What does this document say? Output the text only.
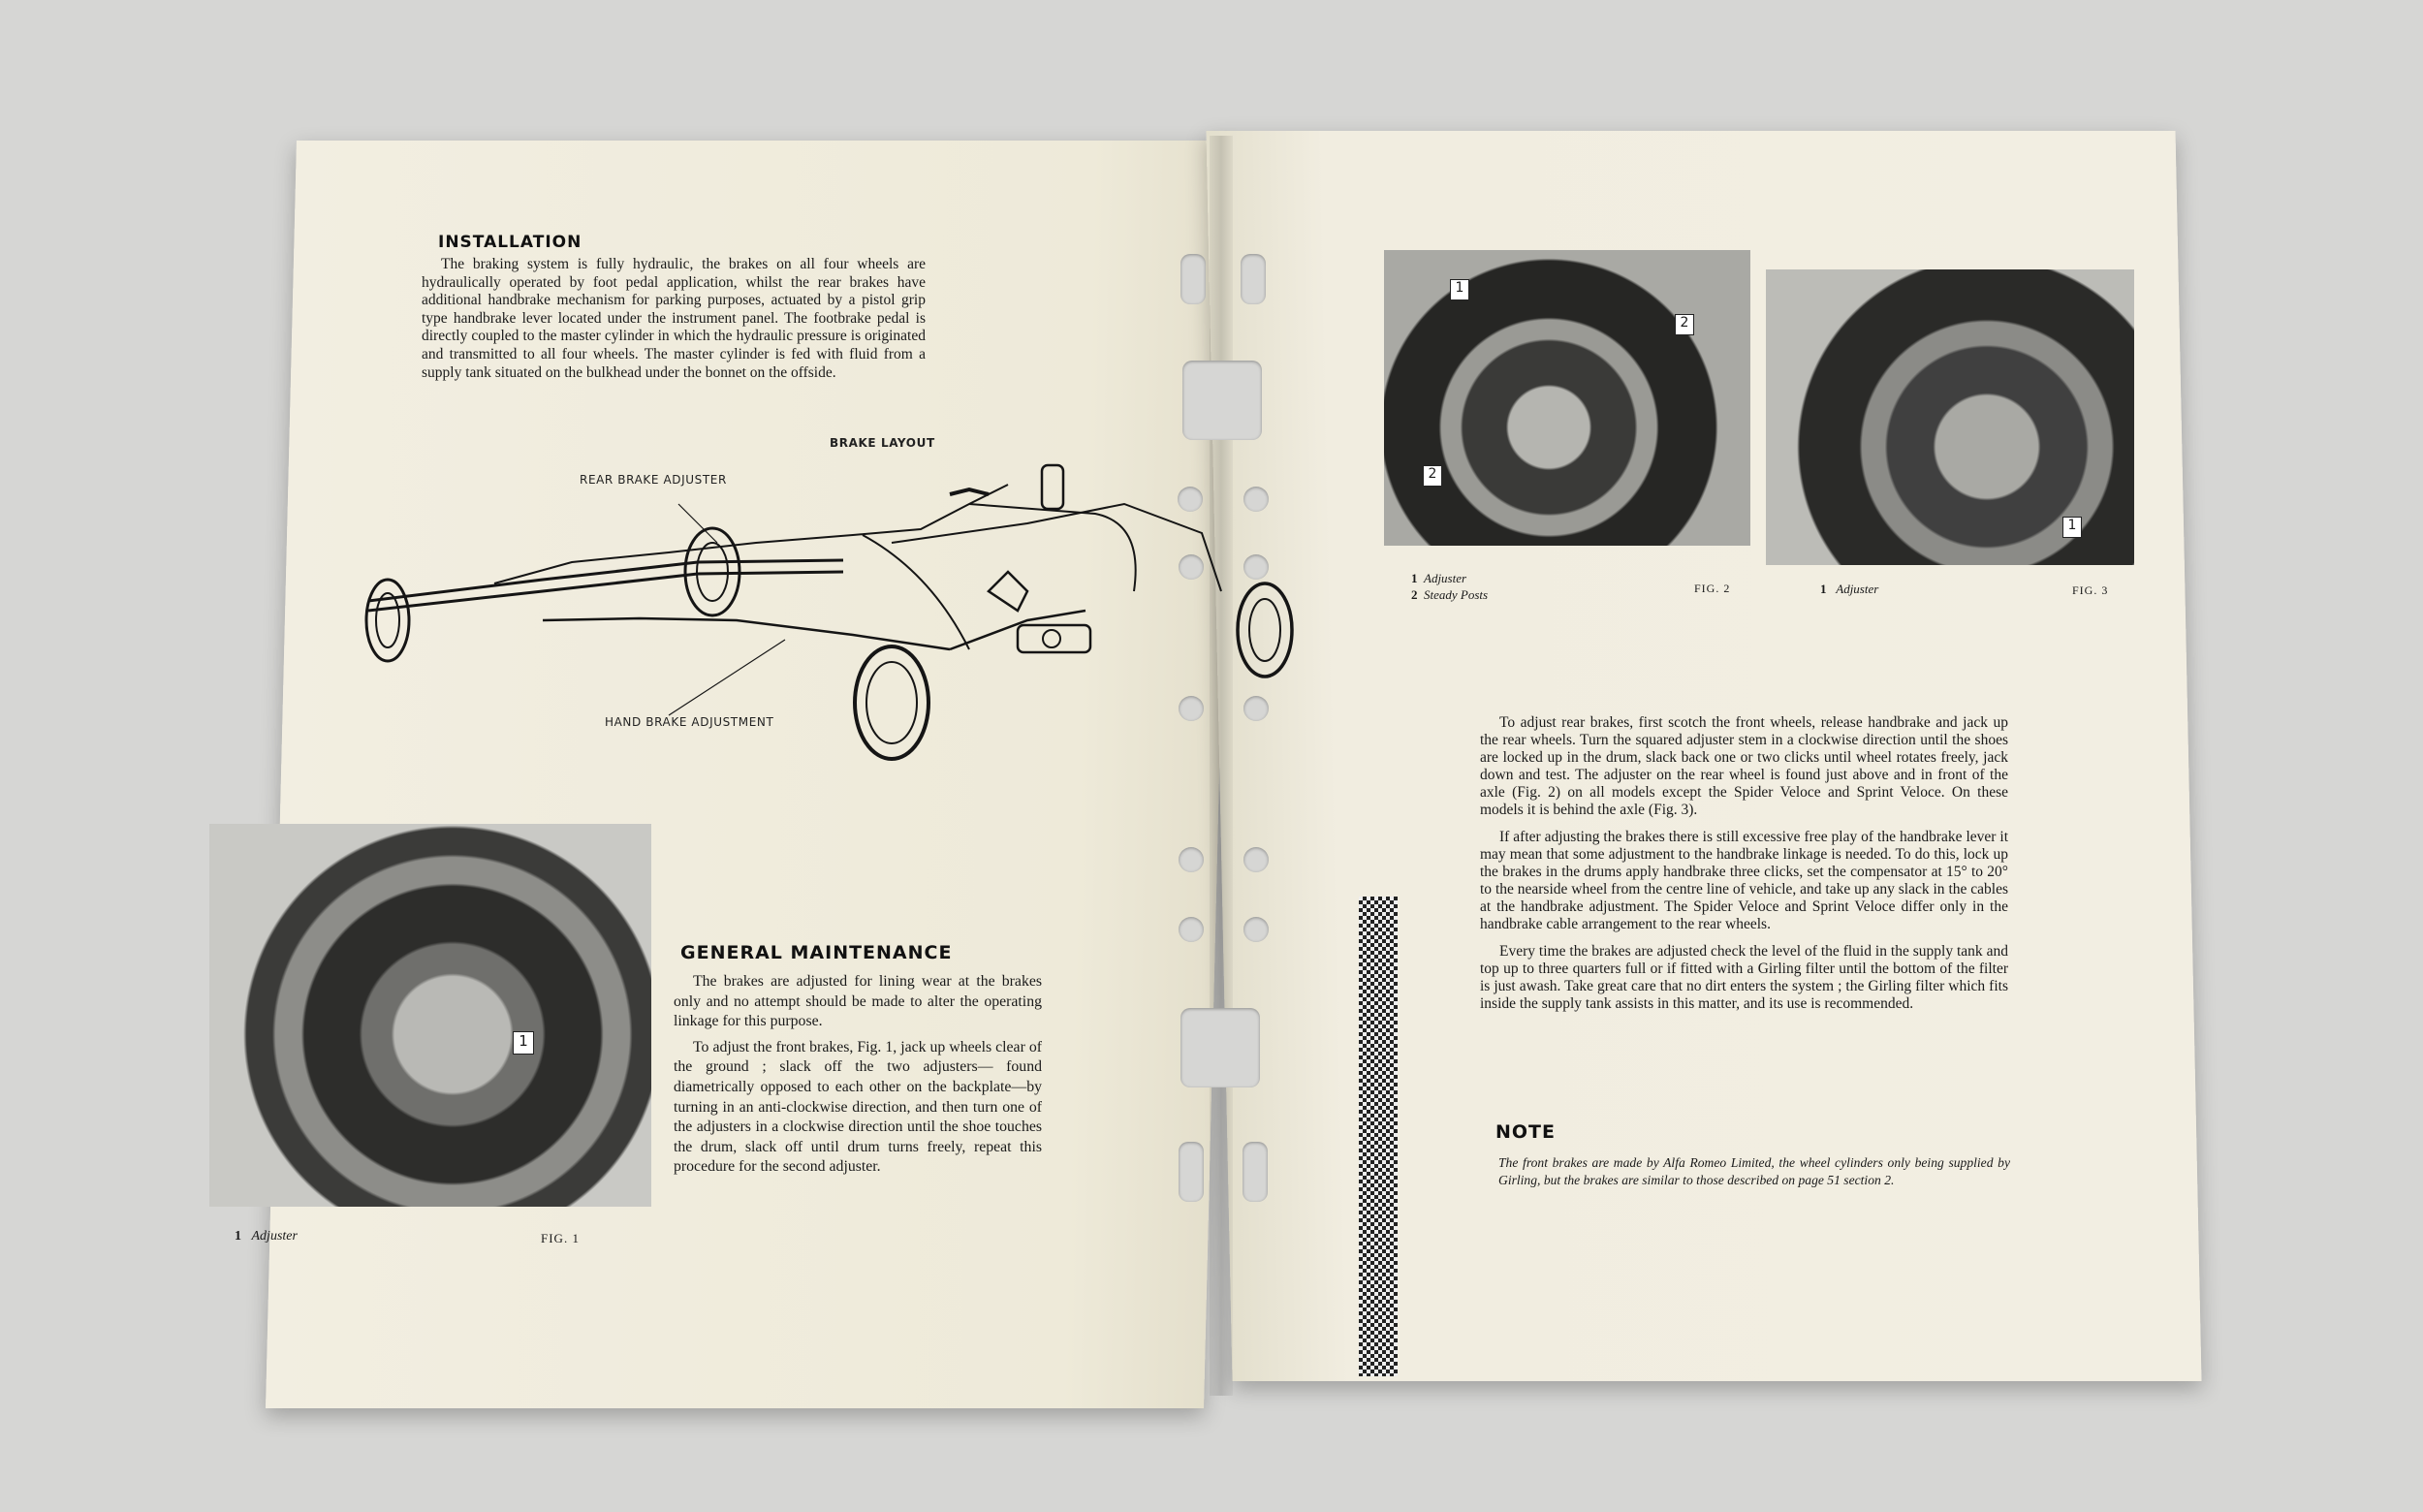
INSTALLATION

The braking system is fully hydraulic, the brakes on all four wheels are hydraulically operated by foot pedal application, whilst the rear brakes have additional handbrake mechanism for parking purposes, actuated by a pistol grip type handbrake lever located under the instrument panel. The footbrake pedal is directly coupled to the master cylinder in which the hydraulic pressure is originated and transmitted to all four wheels. The master cylinder is fed with fluid from a supply tank situated on the bulkhead under the bonnet on the offside.

BRAKE LAYOUT
REAR BRAKE ADJUSTER
HAND BRAKE ADJUSTMENT
1
1 Adjuster	FIG. 1
GENERAL MAINTENANCE

The brakes are adjusted for lining wear at the brakes only and no attempt should be made to alter the operating linkage for this purpose.

To adjust the front brakes, Fig. 1, jack up wheels clear of the ground ; slack off the two adjusters— found diametrically opposed to each other on the backplate—by turning in an anti-clockwise direction, and then turn one of the adjusters in a clockwise direction until the shoe touches the drum, slack off until drum turns freely, repeat this procedure for the second adjuster.

1
2
2
1
1 Adjuster
2 Steady Posts	FIG. 2	1 Adjuster	FIG. 3

To adjust rear brakes, first scotch the front wheels, release handbrake and jack up the rear wheels. Turn the squared adjuster stem in a clockwise direction until the shoes are locked up in the drum, slack back one or two clicks until wheel rotates freely, jack down and test. The adjuster on the rear wheel is found just above and in front of the axle (Fig. 2) on all models except the Spider Veloce and Sprint Veloce. On these models it is behind the axle (Fig. 3).

If after adjusting the brakes there is still excessive free play of the handbrake lever it may mean that some adjustment to the handbrake linkage is needed. To do this, lock up the brakes in the drums apply handbrake three clicks, set the compensator at 15° to 20° to the nearside wheel from the centre line of vehicle, and take up any slack in the cables at the handbrake adjustment. The Spider Veloce and Sprint Veloce differ only in the handbrake cable arrangement to the rear wheels.

Every time the brakes are adjusted check the level of the fluid in the supply tank and top up to three quarters full or if fitted with a Girling filter until the bottom of the filter is just awash. Take great care that no dirt enters the system ; the Girling filter which fits inside the supply tank assists in this matter, and its use is recommended.

NOTE
The front brakes are made by Alfa Romeo Limited, the wheel cylinders only being supplied by Girling, but the brakes are similar to those described on page 51 section 2.
